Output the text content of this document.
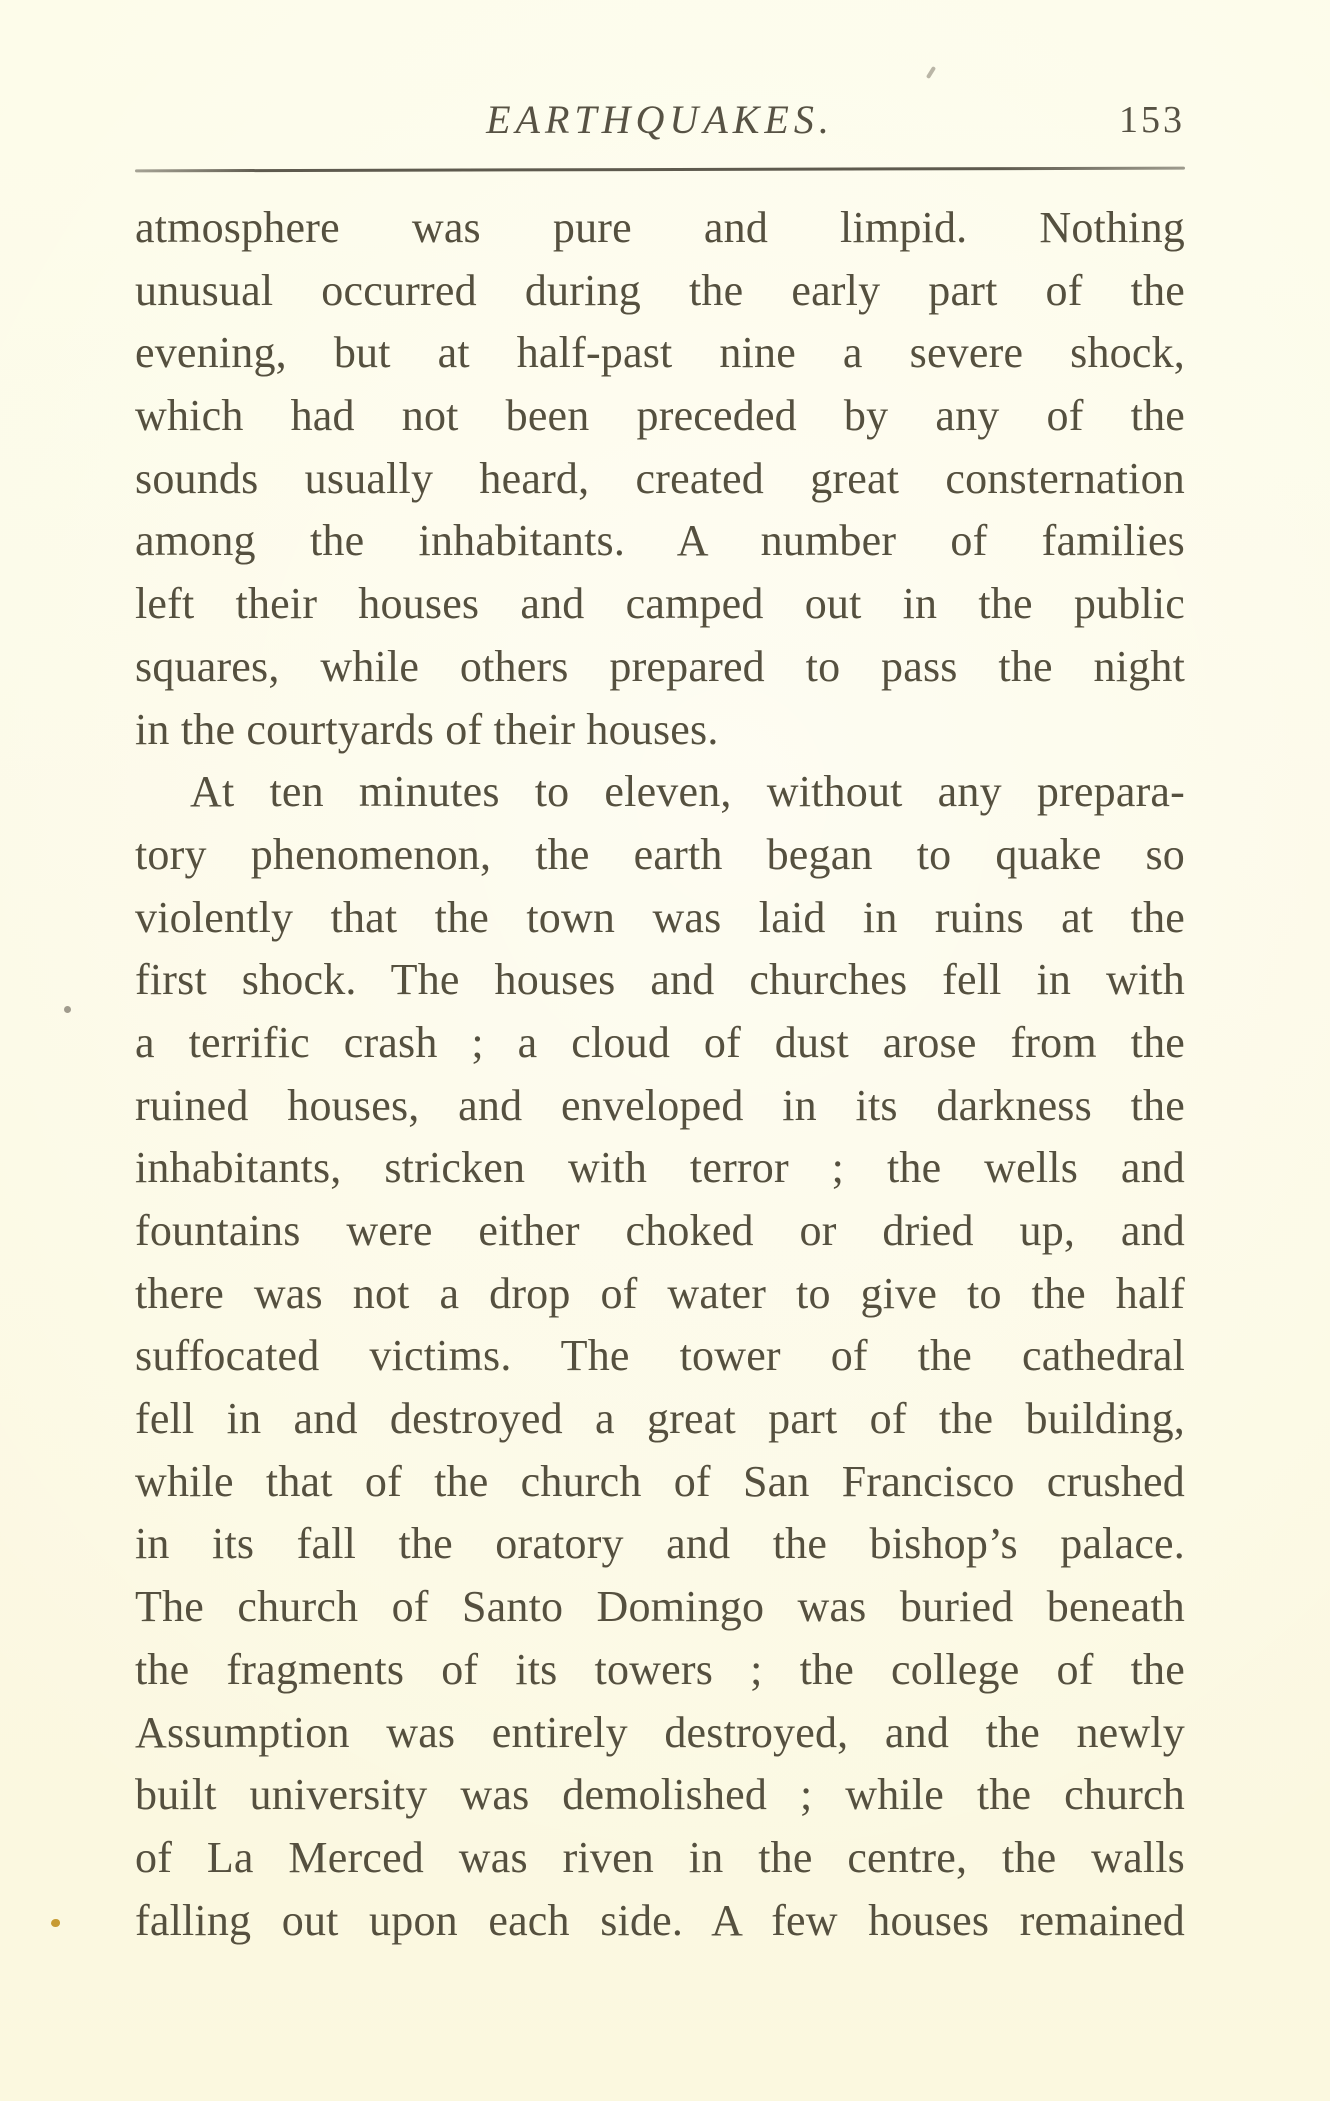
EARTHQUAKES.	153
atmosphere was pure and limpid. Nothing
unusual occurred during the early part of the
evening, but at half-past nine a severe shock,
which had not been preceded by any of the
sounds usually heard, created great consternation
among the inhabitants. A number of families
left their houses and camped out in the public
squares, while others prepared to pass the night
in the courtyards of their houses.
At ten minutes to eleven, without any prepara-
tory phenomenon, the earth began to quake so
violently that the town was laid in ruins at the
first shock. The houses and churches fell in with
a terrific crash ; a cloud of dust arose from the
ruined houses, and enveloped in its darkness the
inhabitants, stricken with terror ; the wells and
fountains were either choked or dried up, and
there was not a drop of water to give to the half
suffocated victims. The tower of the cathedral
fell in and destroyed a great part of the building,
while that of the church of San Francisco crushed
in its fall the oratory and the bishop’s palace.
The church of Santo Domingo was buried beneath
the fragments of its towers ; the college of the
Assumption was entirely destroyed, and the newly
built university was demolished ; while the church
of La Merced was riven in the centre, the walls
falling out upon each side. A few houses remained
